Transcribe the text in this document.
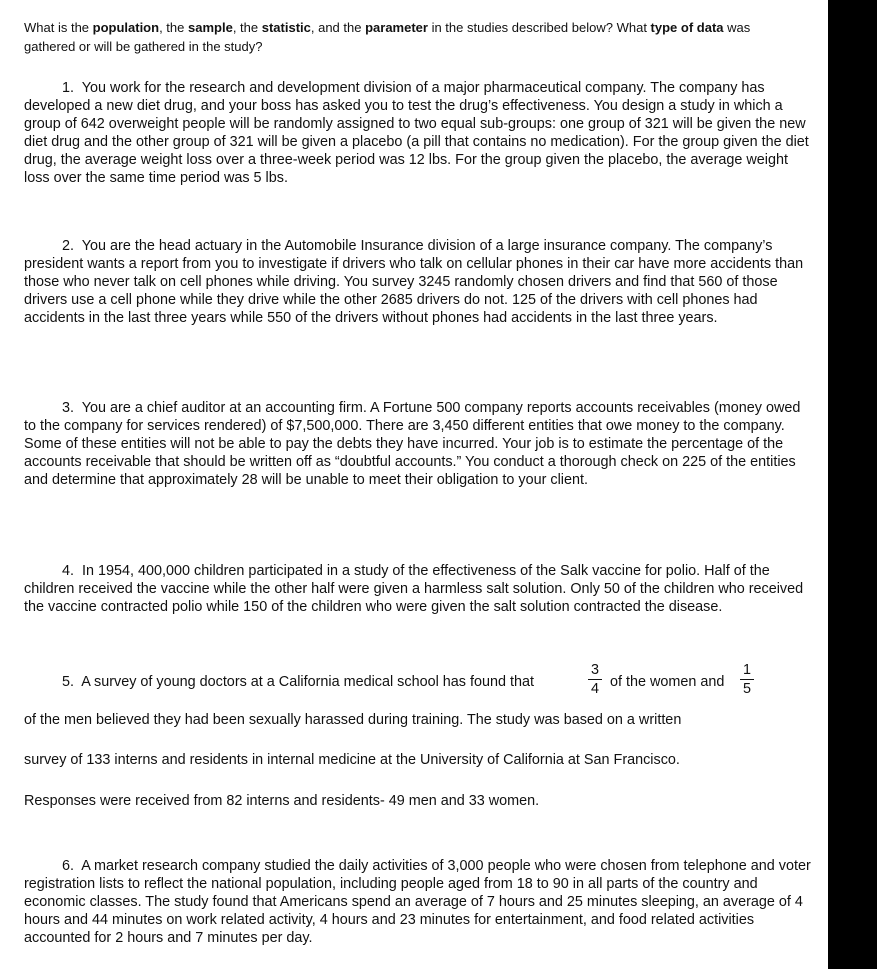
What is the population, the sample, the statistic, and the parameter in the studies described below? What type of data was gathered or will be gathered in the study?
1. You work for the research and development division of a major pharmaceutical company. The company has developed a new diet drug, and your boss has asked you to test the drug’s effectiveness. You design a study in which a group of 642 overweight people will be randomly assigned to two equal sub-groups: one group of 321 will be given the new diet drug and the other group of 321 will be given a placebo (a pill that contains no medication). For the group given the diet drug, the average weight loss over a three-week period was 12 lbs. For the group given the placebo, the average weight loss over the same time period was 5 lbs.
2. You are the head actuary in the Automobile Insurance division of a large insurance company. The company’s president wants a report from you to investigate if drivers who talk on cellular phones in their car have more accidents than those who never talk on cell phones while driving. You survey 3245 randomly chosen drivers and find that 560 of those drivers use a cell phone while they drive while the other 2685 drivers do not. 125 of the drivers with cell phones had accidents in the last three years while 550 of the drivers without phones had accidents in the last three years.
3. You are a chief auditor at an accounting firm. A Fortune 500 company reports accounts receivables (money owed to the company for services rendered) of $7,500,000. There are 3,450 different entities that owe money to the company. Some of these entities will not be able to pay the debts they have incurred. Your job is to estimate the percentage of the accounts receivable that should be written off as “doubtful accounts.” You conduct a thorough check on 225 of the entities and determine that approximately 28 will be unable to meet their obligation to your client.
4. In 1954, 400,000 children participated in a study of the effectiveness of the Salk vaccine for polio. Half of the children received the vaccine while the other half were given a harmless salt solution. Only 50 of the children who received the vaccine contracted polio while 150 of the children who were given the salt solution contracted the disease.
5. A survey of young doctors at a California medical school has found that
3
4 of the women and
1
5
of the men believed they had been sexually harassed during training. The study was based on a written
survey of 133 interns and residents in internal medicine at the University of California at San Francisco.
Responses were received from 82 interns and residents- 49 men and 33 women.
6. A market research company studied the daily activities of 3,000 people who were chosen from telephone and voter registration lists to reflect the national population, including people aged from 18 to 90 in all parts of the country and economic classes. The study found that Americans spend an average of 7 hours and 25 minutes sleeping, an average of 4 hours and 44 minutes on work related activity, 4 hours and 23 minutes for entertainment, and food related activities accounted for 2 hours and 7 minutes per day.
